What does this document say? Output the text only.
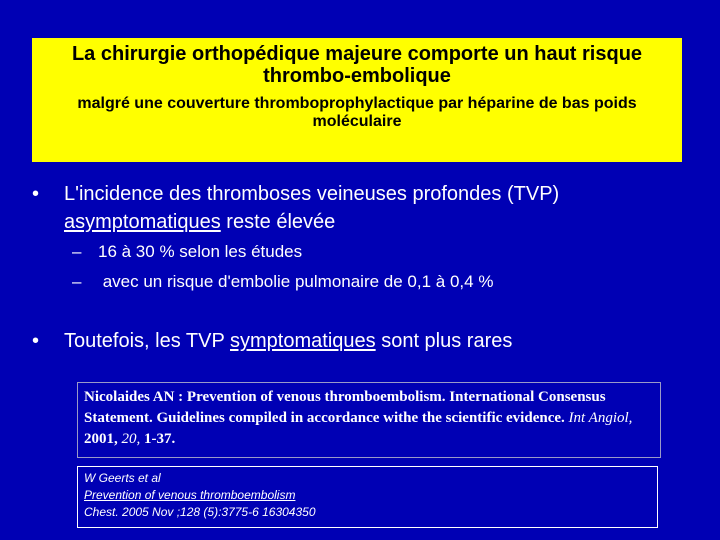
La chirurgie orthopédique majeure comporte un haut risque thrombo-embolique
malgré une couverture thromboprophylactique par héparine de bas poids moléculaire
• L'incidence des thromboses veineuses profondes (TVP)
asymptomatiques reste élevée
– 16 à 30 % selon les études
– avec un risque d'embolie pulmonaire de 0,1 à 0,4 %
• Toutefois, les TVP symptomatiques sont plus rares
Nicolaides AN : Prevention of venous thromboembolism. International Consensus Statement. Guidelines compiled in accordance withe the scientific evidence. Int Angiol, 2001, 20, 1-37.
W Geerts et al
Prevention of venous thromboembolism
Chest. 2005 Nov ;128 (5):3775-6 16304350
